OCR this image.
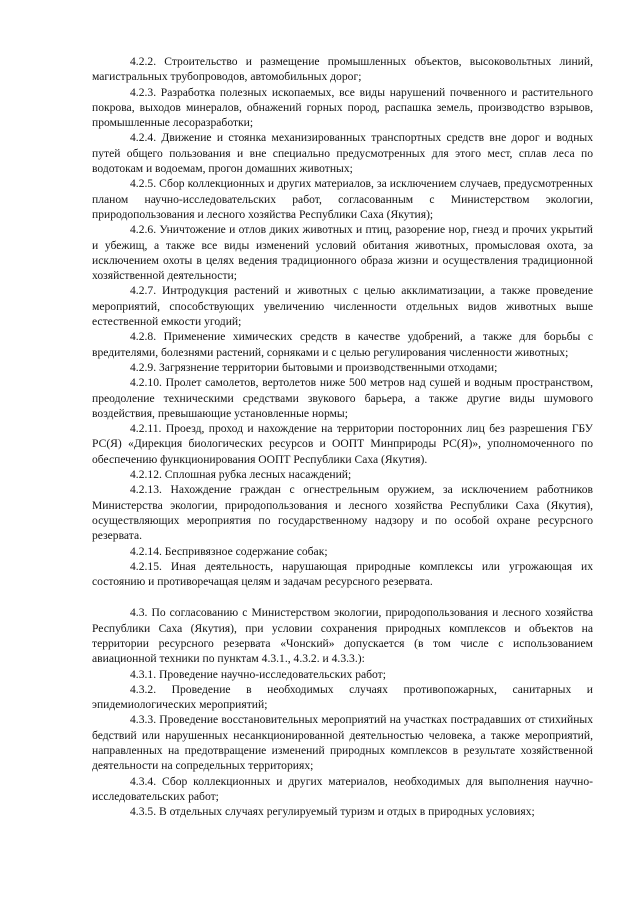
4.2.2. Строительство и размещение промышленных объектов, высоковольтных линий, магистральных трубопроводов, автомобильных дорог;

4.2.3. Разработка полезных ископаемых, все виды нарушений почвенного и растительного покрова, выходов минералов, обнажений горных пород, распашка земель, производство взрывов, промышленные лесоразработки;

4.2.4. Движение и стоянка механизированных транспортных средств вне дорог и водных путей общего пользования и вне специально предусмотренных для этого мест, сплав леса по водотокам и водоемам, прогон домашних животных;

4.2.5. Сбор коллекционных и других материалов, за исключением случаев, предусмотренных планом научно-исследовательских работ, согласованным с Министерством экологии, природопользования и лесного хозяйства Республики Саха (Якутия);

4.2.6. Уничтожение и отлов диких животных и птиц, разорение нор, гнезд и прочих укрытий и убежищ, а также все виды изменений условий обитания животных, промысловая охота, за исключением охоты в целях ведения традиционного образа жизни и осуществления традиционной хозяйственной деятельности;

4.2.7. Интродукция растений и животных с целью акклиматизации, а также проведение мероприятий, способствующих увеличению численности отдельных видов животных выше естественной емкости угодий;

4.2.8. Применение химических средств в качестве удобрений, а также для борьбы с вредителями, болезнями растений, сорняками и с целью регулирования численности животных;

4.2.9. Загрязнение территории бытовыми и производственными отходами;

4.2.10. Пролет самолетов, вертолетов ниже 500 метров над сушей и водным пространством, преодоление техническими средствами звукового барьера, а также другие виды шумового воздействия, превышающие установленные нормы;

4.2.11. Проезд, проход и нахождение на территории посторонних лиц без разрешения ГБУ РС(Я) «Дирекция биологических ресурсов и ООПТ Минприроды РС(Я)», уполномоченного по обеспечению функционирования ООПТ Республики Саха (Якутия).

4.2.12. Сплошная рубка лесных насаждений;

4.2.13. Нахождение граждан с огнестрельным оружием, за исключением работников Министерства экологии, природопользования и лесного хозяйства Республики Саха (Якутия), осуществляющих мероприятия по государственному надзору и по особой охране ресурсного резервата.

4.2.14. Беспривязное содержание собак;

4.2.15. Иная деятельность, нарушающая природные комплексы или угрожающая их состоянию и противоречащая целям и задачам ресурсного резервата.

4.3. По согласованию с Министерством экологии, природопользования и лесного хозяйства Республики Саха (Якутия), при условии сохранения природных комплексов и объектов на территории ресурсного резервата «Чонский» допускается (в том числе с использованием авиационной техники по пунктам 4.3.1., 4.3.2. и 4.3.3.):

4.3.1. Проведение научно-исследовательских работ;

4.3.2. Проведение в необходимых случаях противопожарных, санитарных и эпидемиологических мероприятий;

4.3.3. Проведение восстановительных мероприятий на участках пострадавших от стихийных бедствий или нарушенных несанкционированной деятельностью человека, а также мероприятий, направленных на предотвращение изменений природных комплексов в результате хозяйственной деятельности на сопредельных территориях;

4.3.4. Сбор коллекционных и других материалов, необходимых для выполнения научно-исследовательских работ;

4.3.5. В отдельных случаях регулируемый туризм и отдых в природных условиях;
